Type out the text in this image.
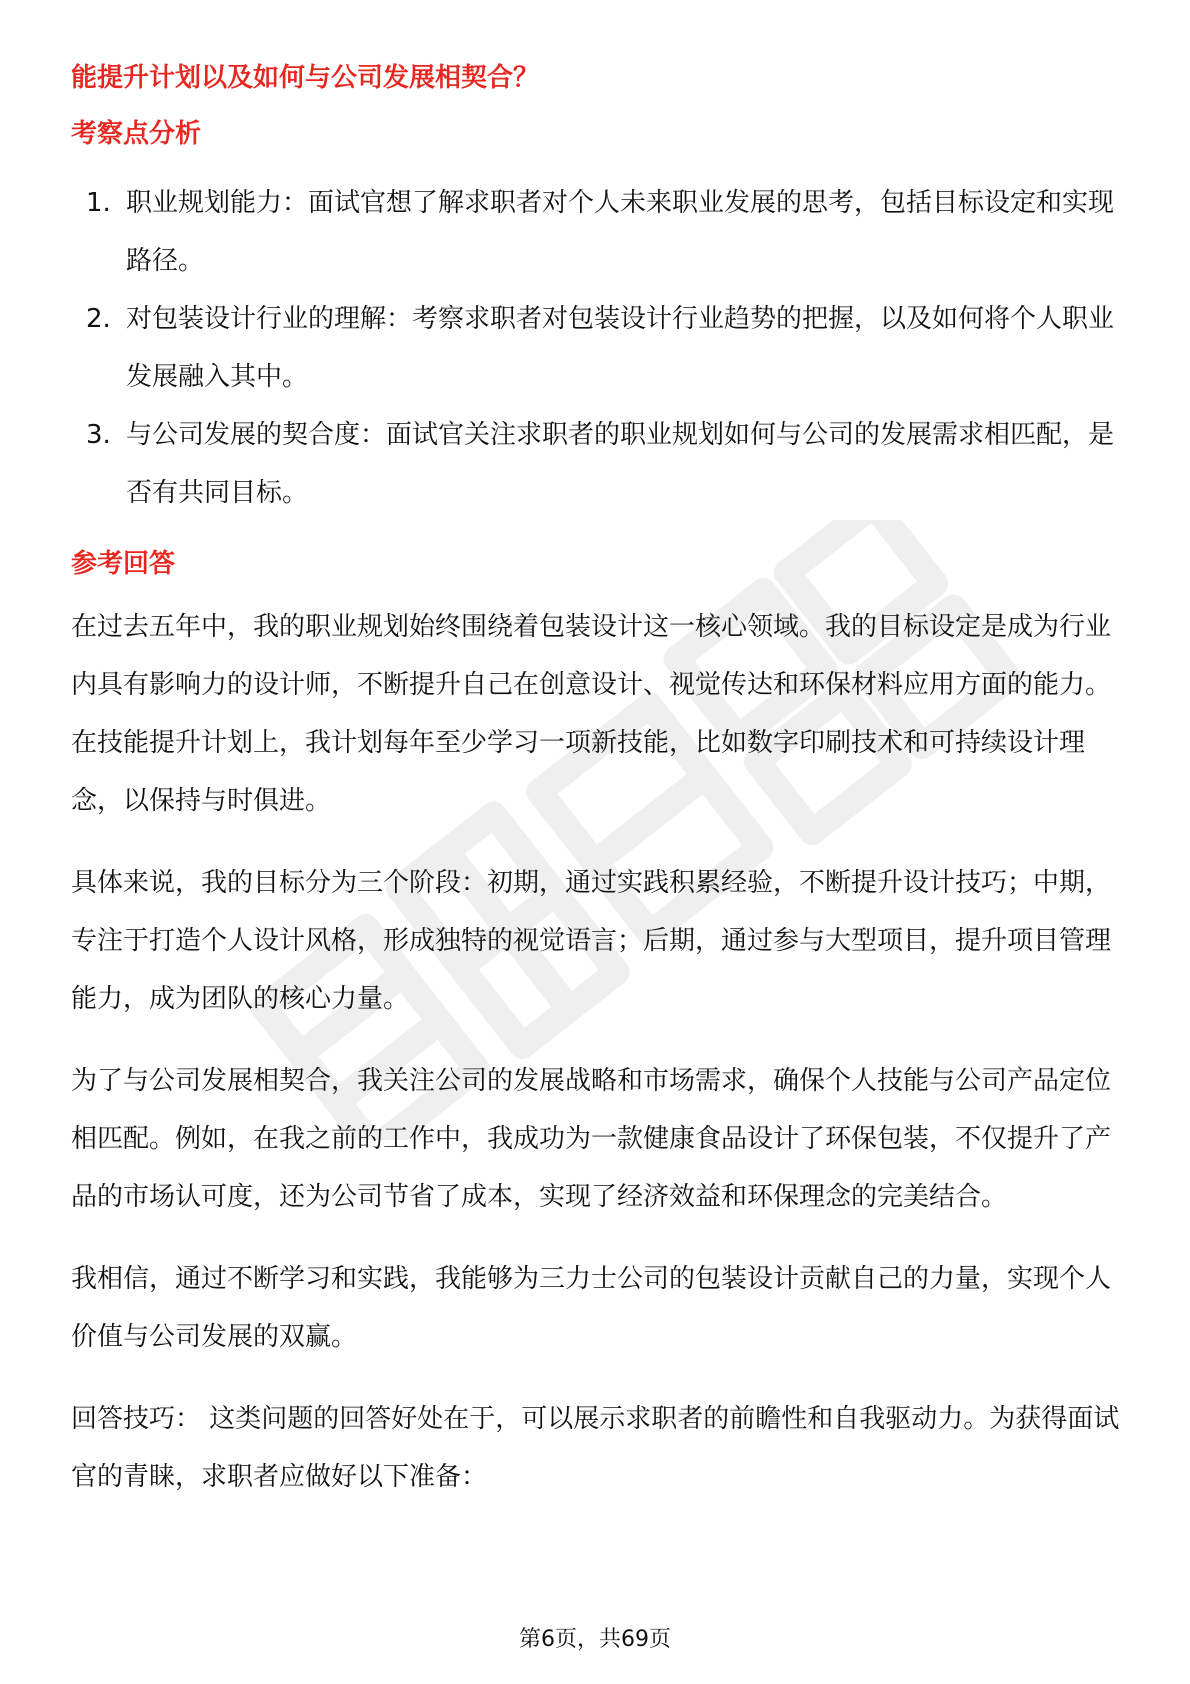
能提升计划以及如何与公司发展相契合？
考察点分析
1. 职业规划能力：面试官想了解求职者对个人未来职业发展的思考，包括目标设定和实现路径。
2. 对包装设计行业的理解：考察求职者对包装设计行业趋势的把握，以及如何将个人职业发展融入其中。
3. 与公司发展的契合度：面试官关注求职者的职业规划如何与公司的发展需求相匹配，是否有共同目标。
参考回答

在过去五年中，我的职业规划始终围绕着包装设计这一核心领域。我的目标设定是成为行业内具有影响力的设计师，不断提升自己在创意设计、视觉传达和环保材料应用方面的能力。在技能提升计划上，我计划每年至少学习一项新技能，比如数字印刷技术和可持续设计理念，以保持与时俱进。

具体来说，我的目标分为三个阶段：初期，通过实践积累经验，不断提升设计技巧；中期，专注于打造个人设计风格，形成独特的视觉语言；后期，通过参与大型项目，提升项目管理能力，成为团队的核心力量。

为了与公司发展相契合，我关注公司的发展战略和市场需求，确保个人技能与公司产品定位相匹配。例如，在我之前的工作中，我成功为一款健康食品设计了环保包装，不仅提升了产品的市场认可度，还为公司节省了成本，实现了经济效益和环保理念的完美结合。

我相信，通过不断学习和实践，我能够为三力士公司的包装设计贡献自己的力量，实现个人价值与公司发展的双赢。

回答技巧： 这类问题的回答好处在于，可以展示求职者的前瞻性和自我驱动力。为获得面试官的青睐，求职者应做好以下准备：

第6页，共69页
